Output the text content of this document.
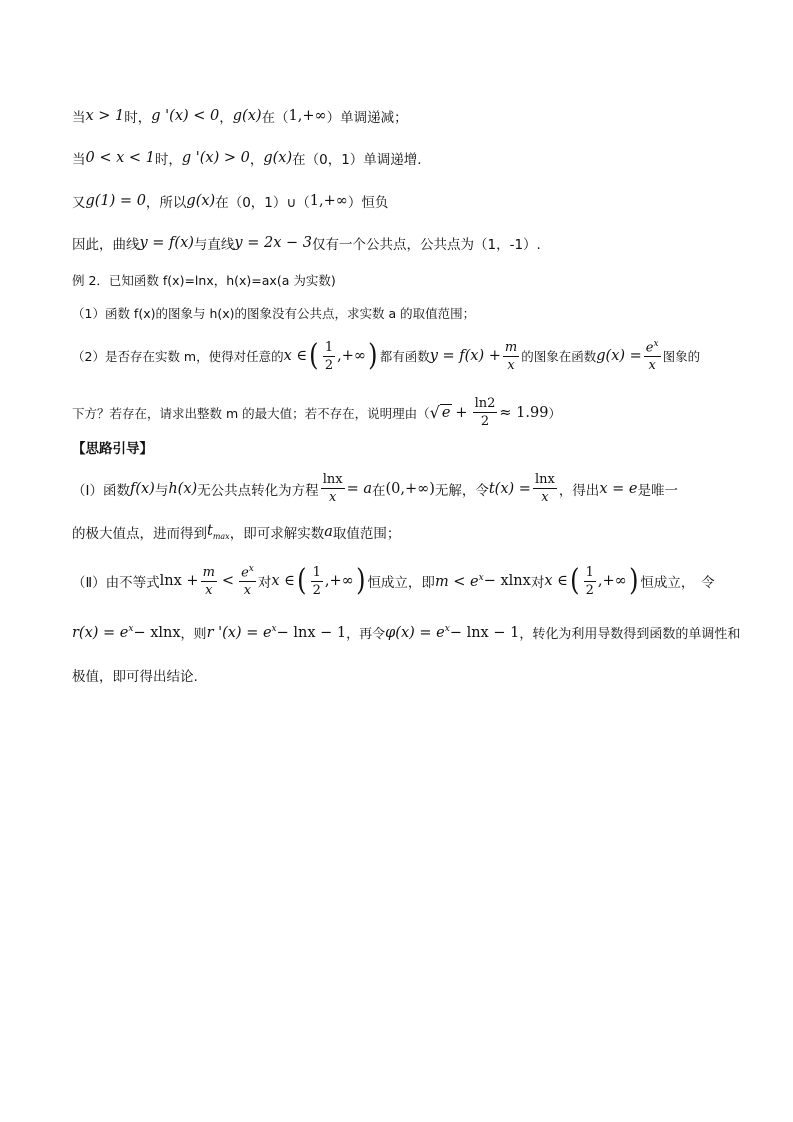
当 x > 1 时， g '(x) < 0 ， g(x) 在（ 1,+∞ ）单调递减；
当 0 < x < 1 时， g '(x) > 0 ， g(x) 在（0，1）单调递增.
又 g(1) = 0 ，所以 g(x) 在（0，1）∪（ 1,+∞ ）恒负
因此，曲线 y = f(x) 与直线 y = 2x − 3 仅有一个公共点，公共点为（1，-1）.
例 2．已知函数 f(x)=lnx，h(x)=ax(a 为实数)
（1）函数 f(x)的图象与 h(x)的图象没有公共点，求实数 a 的取值范围；
（2）是否存在实数 m，使得对任意的 x ∈ ( $\frac{1}{2}$ ,+∞ ) 都有函数 $y = f(x) + \frac{m}{x}$ 的图象在函数 $g(x) = \frac{e^x}{x}$ 图象的
下方？若存在，请求出整数 m 的最大值；若不存在，说明理由（ √ $e + \frac{\ln 2}{2} \approx 1.99$ ）
【思路引导】
（Ⅰ）函数 f(x) 与 h(x) 无公共点转化为方程 $\frac{\ln x}{x} = a$ 在 (0,+∞) 无解，令 $t(x) = \frac{\ln x}{x}$ ，得出 x = e 是唯一
的极大值点，进而得到 $t_{max}$ ，即可求解实数 a 取值范围；
（Ⅱ）由不等式 $\ln x + \frac{m}{x} < \frac{e^x}{x}$ 对 x ∈ ( $\frac{1}{2}$ ,+∞ ) 恒成立，即 $m < e^x - xlnx$ 对 x ∈ ( $\frac{1}{2}$ ,+∞ ) 恒成立，　令
$r(x) = e^x - xlnx$ ，则 r '$(x) = e^x - \ln x - 1$ ，再令 $\varphi(x) = e^x - \ln x - 1$ ，转化为利用导数得到函数的单调性和
极值，即可得出结论.
